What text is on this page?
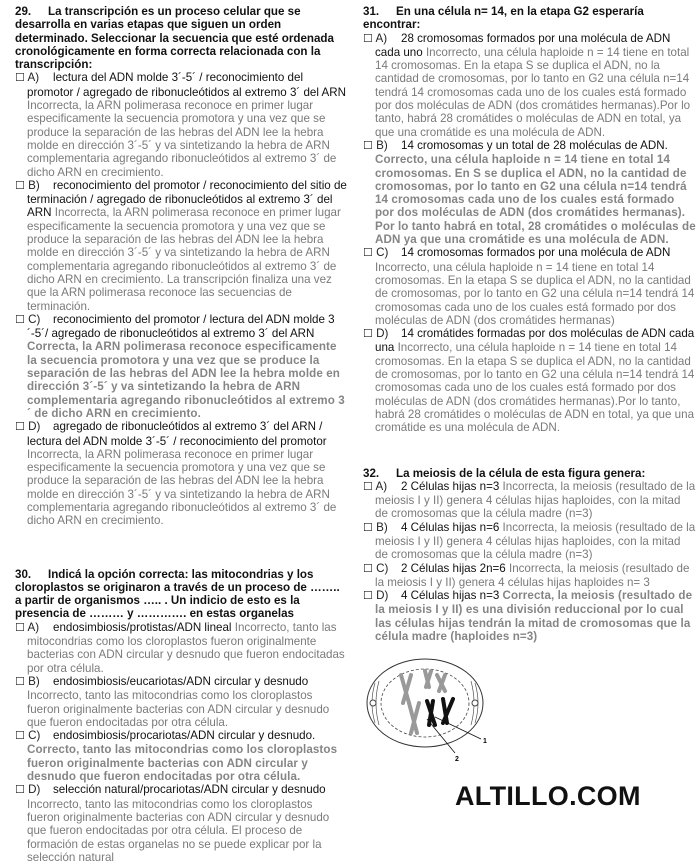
29. La transcripción es un proceso celular que se desarrolla en varias etapas que siguen un orden determinado. Seleccionar la secuencia que esté ordenada cronológicamente en forma correcta relacionada con la transcripción:
☐ A) lectura del ADN molde 3´-5´ / reconocimiento del promotor / agregado de ribonucleótidos al extremo 3´ del ARN Incorrecta, la ARN polimerasa reconoce en primer lugar especificamente la secuencia promotora y una vez que se produce la separación de las hebras del ADN lee la hebra molde en dirección 3´-5´ y va sintetizando la hebra de ARN complementaria agregando ribonucleótidos al extremo 3´ de dicho ARN en crecimiento.
☐ B) reconocimiento del promotor / reconocimiento del sitio de terminación / agregado de ribonucleótidos al extremo 3´ del ARN Incorrecta, la ARN polimerasa reconoce en primer lugar especificamente la secuencia promotora y una vez que se produce la separación de las hebras del ADN lee la hebra molde en dirección 3´-5´ y va sintetizando la hebra de ARN complementaria agregando ribonucleótidos al extremo 3´ de dicho ARN en crecimiento. La transcripción finaliza una vez que la ARN polimerasa reconoce las secuencias de terminación.
☐ C) reconocimiento del promotor / lectura del ADN molde 3´-5´/ agregado de ribonucleótidos al extremo 3´ del ARN Correcta, la ARN polimerasa reconoce especificamente la secuencia promotora y una vez que se produce la separación de las hebras del ADN lee la hebra molde en dirección 3´-5´ y va sintetizando la hebra de ARN complementaria agregando ribonucleótidos al extremo 3´ de dicho ARN en crecimiento.
☐ D) agregado de ribonucleótidos al extremo 3´ del ARN / lectura del ADN molde 3´-5´ / reconocimiento del promotor Incorrecta, la ARN polimerasa reconoce en primer lugar especificamente la secuencia promotora y una vez que se produce la separación de las hebras del ADN lee la hebra molde en dirección 3´-5´ y va sintetizando la hebra de ARN complementaria agregando ribonucleótidos al extremo 3´ de dicho ARN en crecimiento.
30. Indicá la opción correcta: las mitocondrias y los cloroplastos se originaron a través de un proceso de …….. a partir de organismos ….. . Un indicio de esto es la presencia de ……… y …………. en estas organelas
☐ A) endosimbiosis/protistas/ADN lineal Incorrecto, tanto las mitocondrias como los cloroplastos fueron originalmente bacterias con ADN circular y desnudo que fueron endocitadas por otra célula.
☐ B) endosimbiosis/eucariotas/ADN circular y desnudo Incorrecto, tanto las mitocondrias como los cloroplastos fueron originalmente bacterias con ADN circular y desnudo que fueron endocitadas por otra célula.
☐ C) endosimbiosis/procariotas/ADN circular y desnudo. Correcto, tanto las mitocondrias como los cloroplastos fueron originalmente bacterias con ADN circular y desnudo que fueron endocitadas por otra célula.
☐ D) selección natural/procariotas/ADN circular y desnudo Incorrecto, tanto las mitocondrias como los cloroplastos fueron originalmente bacterias con ADN circular y desnudo que fueron endocitadas por otra célula. El proceso de formación de estas organelas no se puede explicar por la selección natural
31. En una célula n= 14, en la etapa G2 esperaría encontrar:
☐ A) 28 cromosomas formados por una molécula de ADN cada uno Incorrecto, una célula haploide n = 14 tiene en total 14 cromosomas. En la etapa S se duplica el ADN, no la cantidad de cromosomas, por lo tanto en G2 una célula n=14 tendrá 14 cromosomas cada uno de los cuales está formado por dos moléculas de ADN (dos cromátides hermanas).Por lo tanto, habrá 28 cromátides o moléculas de ADN en total, ya que una cromátide es una molécula de ADN.
☐ B) 14 cromosomas y un total de 28 moléculas de ADN. Correcto, una célula haploide n = 14 tiene en total 14 cromosomas. En S se duplica el ADN, no la cantidad de cromosomas, por lo tanto en G2 una célula n=14 tendrá 14 cromosomas cada uno de los cuales está formado por dos moléculas de ADN (dos cromátides hermanas). Por lo tanto habrá en total, 28 cromátides o moléculas de ADN ya que una cromátide es una molécula de ADN.
☐ C) 14 cromosomas formados por una molécula de ADN Incorrecto, una célula haploide n = 14 tiene en total 14 cromosomas. En la etapa S se duplica el ADN, no la cantidad de cromosomas, por lo tanto en G2 una célula n=14 tendrá 14 cromosomas cada uno de los cuales está formado por dos moléculas de ADN (dos cromátides hermanas)
☐ D) 14 cromátides formadas por dos moléculas de ADN cada una Incorrecto, una célula haploide n = 14 tiene en total 14 cromosomas. En la etapa S se duplica el ADN, no la cantidad de cromosomas, por lo tanto en G2 una célula n=14 tendrá 14 cromosomas cada uno de los cuales está formado por dos moléculas de ADN (dos cromátides hermanas).Por lo tanto, habrá 28 cromátides o moléculas de ADN en total, ya que una cromátide es una molécula de ADN.
32. La meiosis de la célula de esta figura genera:
☐ A) 2 Células hijas n=3 Incorrecta, la meiosis (resultado de la meiosis I y II) genera 4 células hijas haploides, con la mitad de cromosomas que la célula madre (n=3)
☐ B) 4 Células hijas n=6 Incorrecta, la meiosis (resultado de la meiosis I y II) genera 4 células hijas haploides, con la mitad de cromosomas que la célula madre (n=3)
☐ C) 2 Células hijas 2n=6 Incorrecta, la meiosis (resultado de la meiosis I y II) genera 4 células hijas haploides n= 3
☐ D) 4 Células hijas n=3 Correcta, la meiosis (resultado de la meiosis I y II) es una división reduccional por lo cual las células hijas tendrán la mitad de cromosomas que la célula madre (haploides n=3)
1
2
ALTILLO.COM
